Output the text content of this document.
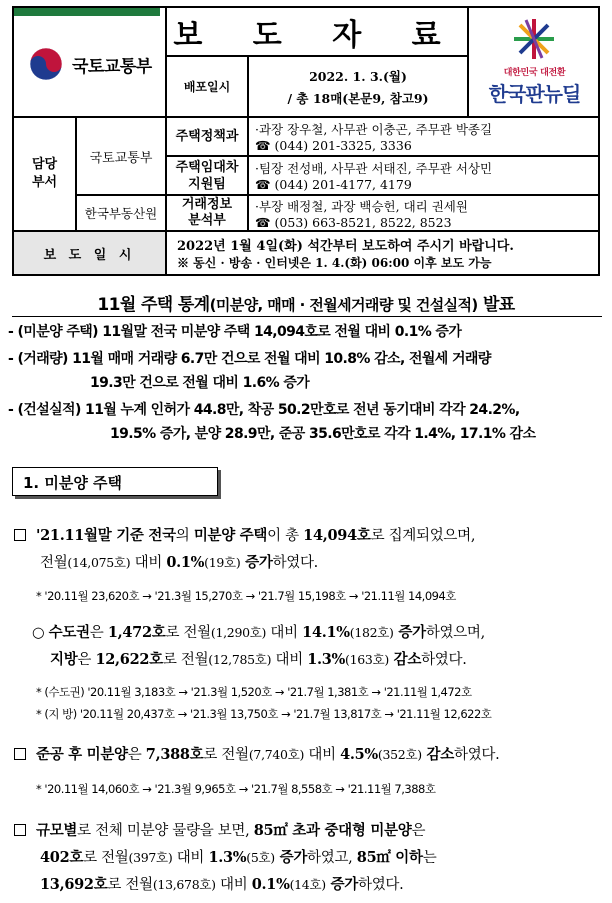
국토교통부
보 도 자 료
배포일시
2022. 1. 3.(월)
/ 총 18매(본문9, 참고9)
대한민국 대전환
한국판뉴딜
담당
부서
국토교통부
한국부동산원
주택정책과 ·과장 장우철, 사무관 이충곤, 주무관 박종길
☎ (044) 201-3325, 3336
주택임대차
지원팀
·팀장 전성배, 사무관 서태진, 주무관 서상민
☎ (044) 201-4177, 4179
거래정보
분석부
·부장 배정철, 과장 백승헌, 대리 권세원
☎ (053) 663-8521, 8522, 8523
보 도 일 시
2022년 1월 4일(화) 석간부터 보도하여 주시기 바랍니다.
※ 동신 · 방송 · 인터넷은 1. 4.(화) 06:00 이후 보도 가능
11월 주택 통계(미분양, 매매 · 전월세거래량 및 건설실적) 발표
- (미분양 주택) 11월말 전국 미분양 주택 14,094호로 전월 대비 0.1% 증가
- (거래량) 11월 매매 거래량 6.7만 건으로 전월 대비 10.8% 감소, 전월세 거래량
19.3만 건으로 전월 대비 1.6% 증가
- (건설실적) 11월 누계 인허가 44.8만, 착공 50.2만호로 전년 동기대비 각각 24.2%,
19.5% 증가, 분양 28.9만, 준공 35.6만호로 각각 1.4%, 17.1% 감소
1. 미분양 주택
'21.11월말 기준 전국의 미분양 주택이 총 14,094호로 집계되었으며,
전월(14,075호) 대비 0.1%(19호) 증가하였다.
* '20.11월 23,620호 → '21.3월 15,270호 → '21.7월 15,198호 → '21.11월 14,094호
○ 수도권은 1,472호로 전월(1,290호) 대비 14.1%(182호) 증가하였으며,
지방은 12,622호로 전월(12,785호) 대비 1.3%(163호) 감소하였다.
* (수도권) '20.11월 3,183호 → '21.3월 1,520호 → '21.7월 1,381호 → '21.11월 1,472호
* (지 방) '20.11월 20,437호 → '21.3월 13,750호 → '21.7월 13,817호 → '21.11월 12,622호
준공 후 미분양은 7,388호로 전월(7,740호) 대비 4.5%(352호) 감소하였다.
* '20.11월 14,060호 → '21.3월 9,965호 → '21.7월 8,558호 → '21.11월 7,388호
규모별로 전체 미분양 물량을 보면, 85㎡ 초과 중대형 미분양은
402호로 전월(397호) 대비 1.3%(5호) 증가하였고, 85㎡ 이하는
13,692호로 전월(13,678호) 대비 0.1%(14호) 증가하였다.
